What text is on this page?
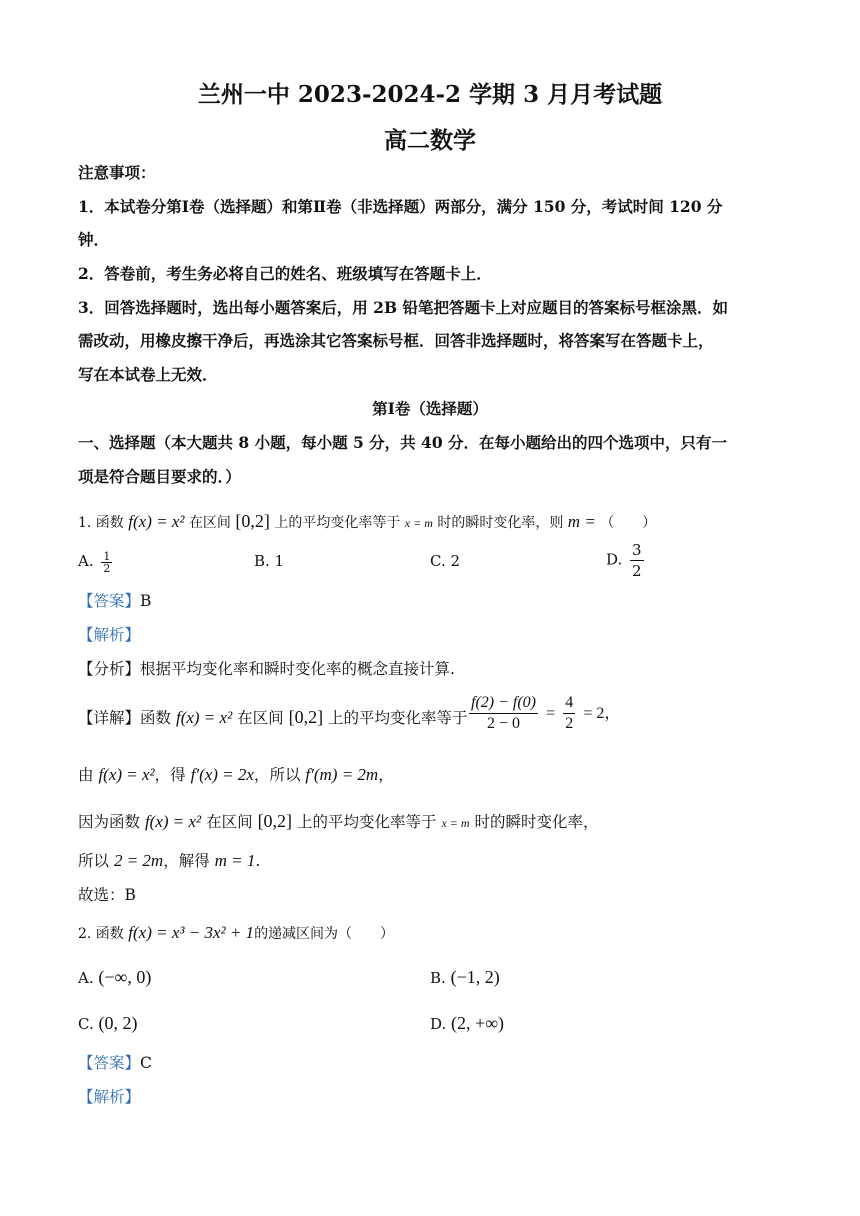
兰州一中 2023-2024-2 学期 3 月月考试题
高二数学
注意事项：
1．本试卷分第Ⅰ卷（选择题）和第Ⅱ卷（非选择题）两部分，满分 150 分，考试时间 120 分
钟．
2．答卷前，考生务必将自己的姓名、班级填写在答题卡上．
3．回答选择题时，选出每小题答案后，用 2B 铅笔把答题卡上对应题目的答案标号框涂黑．如
需改动，用橡皮擦干净后，再选涂其它答案标号框．回答非选择题时，将答案写在答题卡上，
写在本试卷上无效．
第Ⅰ卷（选择题）
一、选择题（本大题共 8 小题，每小题 5 分，共 40 分．在每小题给出的四个选项中，只有一
项是符合题目要求的．）
1. 函数 f(x) = x² 在区间 [0,2] 上的平均变化率等于 x = m 时的瞬时变化率，则 m = （　　）
A. $\frac{1}{2}$	B. 1	C. 2	D. $\frac{3}{2}$
【答案】B
【解析】
【分析】根据平均变化率和瞬时变化率的概念直接计算.
【详解】函数 f(x) = x² 在区间 [0,2] 上的平均变化率等于 $\frac{f(2) - f(0)}{2 - 0} = \frac{4}{2} = 2$，
由 f(x) = x²，得 f′(x) = 2x，所以 f′(m) = 2m，
因为函数 f(x) = x² 在区间 [0,2] 上的平均变化率等于 x = m 时的瞬时变化率，
所以 2 = 2m，解得 m = 1.
故选：B
2. 函数 f(x) = x³ − 3x² + 1的递减区间为（　　）
A. (−∞, 0)	B. (−1, 2)
C. (0, 2)	D. (2, +∞)
【答案】C
【解析】
